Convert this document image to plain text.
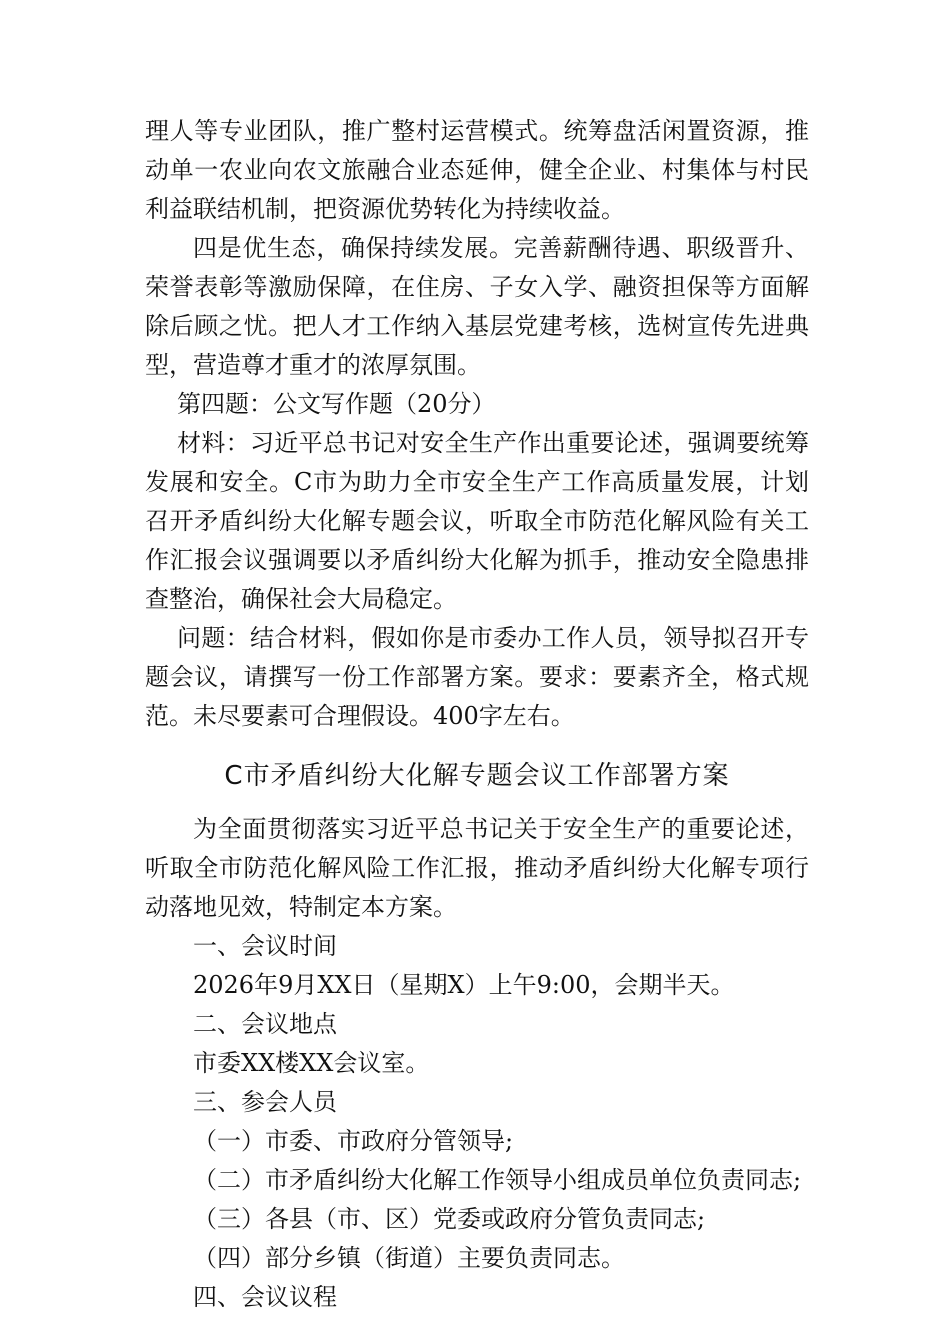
理人等专业团队，推广整村运营模式。统筹盘活闲置资源，推动单一农业向农文旅融合业态延伸，健全企业、村集体与村民利益联结机制，把资源优势转化为持续收益。

四是优生态，确保持续发展。完善薪酬待遇、职级晋升、荣誉表彰等激励保障，在住房、子女入学、融资担保等方面解除后顾之忧。把人才工作纳入基层党建考核，选树宣传先进典型，营造尊才重才的浓厚氛围。

第四题：公文写作题（20分）

材料：习近平总书记对安全生产作出重要论述，强调要统筹发展和安全。C市为助力全市安全生产工作高质量发展，计划召开矛盾纠纷大化解专题会议，听取全市防范化解风险有关工作汇报会议强调要以矛盾纠纷大化解为抓手，推动安全隐患排查整治，确保社会大局稳定。

问题：结合材料，假如你是市委办工作人员，领导拟召开专题会议，请撰写一份工作部署方案。要求：要素齐全，格式规范。未尽要素可合理假设。400字左右。

C市矛盾纠纷大化解专题会议工作部署方案

为全面贯彻落实习近平总书记关于安全生产的重要论述，听取全市防范化解风险工作汇报，推动矛盾纠纷大化解专项行动落地见效，特制定本方案。

一、会议时间

2026年9月XX日（星期X）上午9:00，会期半天。

二、会议地点

市委XX楼XX会议室。

三、参会人员

（一）市委、市政府分管领导;

（二）市矛盾纠纷大化解工作领导小组成员单位负责同志;

（三）各县（市、区）党委或政府分管负责同志;

（四）部分乡镇（街道）主要负责同志。

四、会议议程
